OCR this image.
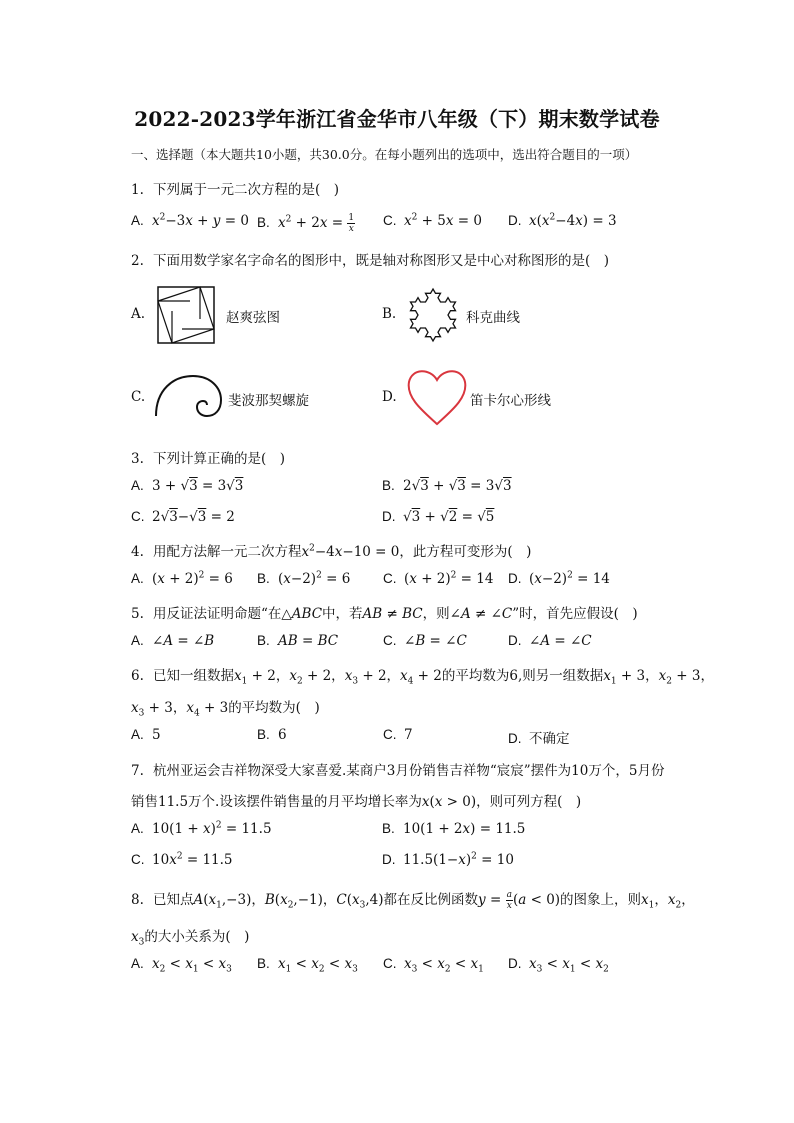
2022-2023学年浙江省金华市八年级（下）期末数学试卷
一、选择题（本大题共10小题，共30.0分。在每小题列出的选项中，选出符合题目的一项）
1. 下列属于一元二次方程的是(　)
A. $x^2-3x + y = 0$ B. $x^2 + 2x = \frac{1}{x} C$. $x^2 + 5x = 0$ D. $x(x^2-4x) = 3$
2. 下面用数学家名字命名的图形中，既是轴对称图形又是中心对称图形的是(　)
A.	赵爽弦图	B.	科克曲线
C.	斐波那契螺旋	D.	笛卡尔心形线
3. 下列计算正确的是(　)
A. 3 + √3 = 3√3	B. 2√3 + √3 = 3√3
C. 2√3−√3 = 2	D. √3 + √2 = √5
4. 用配方法解一元二次方程$x^2-4x-10 = 0$，此方程可变形为(　)
A. $(x + 2)^2 = 6$ B. $(x-2)^2 = 6$ C. $(x + 2)^2 = 14$ D. $(x-2)^2 = 14$
5. 用反证法证明命题“在△ABC中，若AB ≠ BC，则∠A ≠ ∠C”时，首先应假设(　)
A. ∠A = ∠B	B. AB = BC	C. ∠B = ∠C	D. ∠A = ∠C
6. 已知一组数据$x_1 + 2$，$x_2 + 2$，$x_3 + 2$，$x_4 + 2$的平均数为6,则另一组数据$x_1 + 3$，$x_2 + 3$，
$x_3 + 3$，$x_4 + 3$的平均数为(　)
A. 5	B. 6	C. 7	D. 不确定
7. 杭州亚运会吉祥物深受大家喜爱.某商户3月份销售吉祥物“宸宸”摆件为10万个，5月份
销售11.5万个.设该摆件销售量的月平均增长率为x(x > 0)，则可列方程(　)
A. $10(1 + x)^2 = 11.5$	B. 10(1 + 2x) = 11.5
C. $10x^2 = 11.5$	D. $11.5(1-x)^2 = 10$
8. 已知点$A(x_1,-3)$，$B(x_2,-1)$，$C(x_3,4)$都在反比例函数$y = \frac{a}{x} (a < 0)$的图象上，则$x_1$，$x_2$，
$x_3$的大小关系为(　)
A. $x_2 < x_1 < x_3$ B. $x_1 < x_2 < x_3$ C. $x_3 < x_2 < x_1$ D. $x_3 < x_1 < x_2$
